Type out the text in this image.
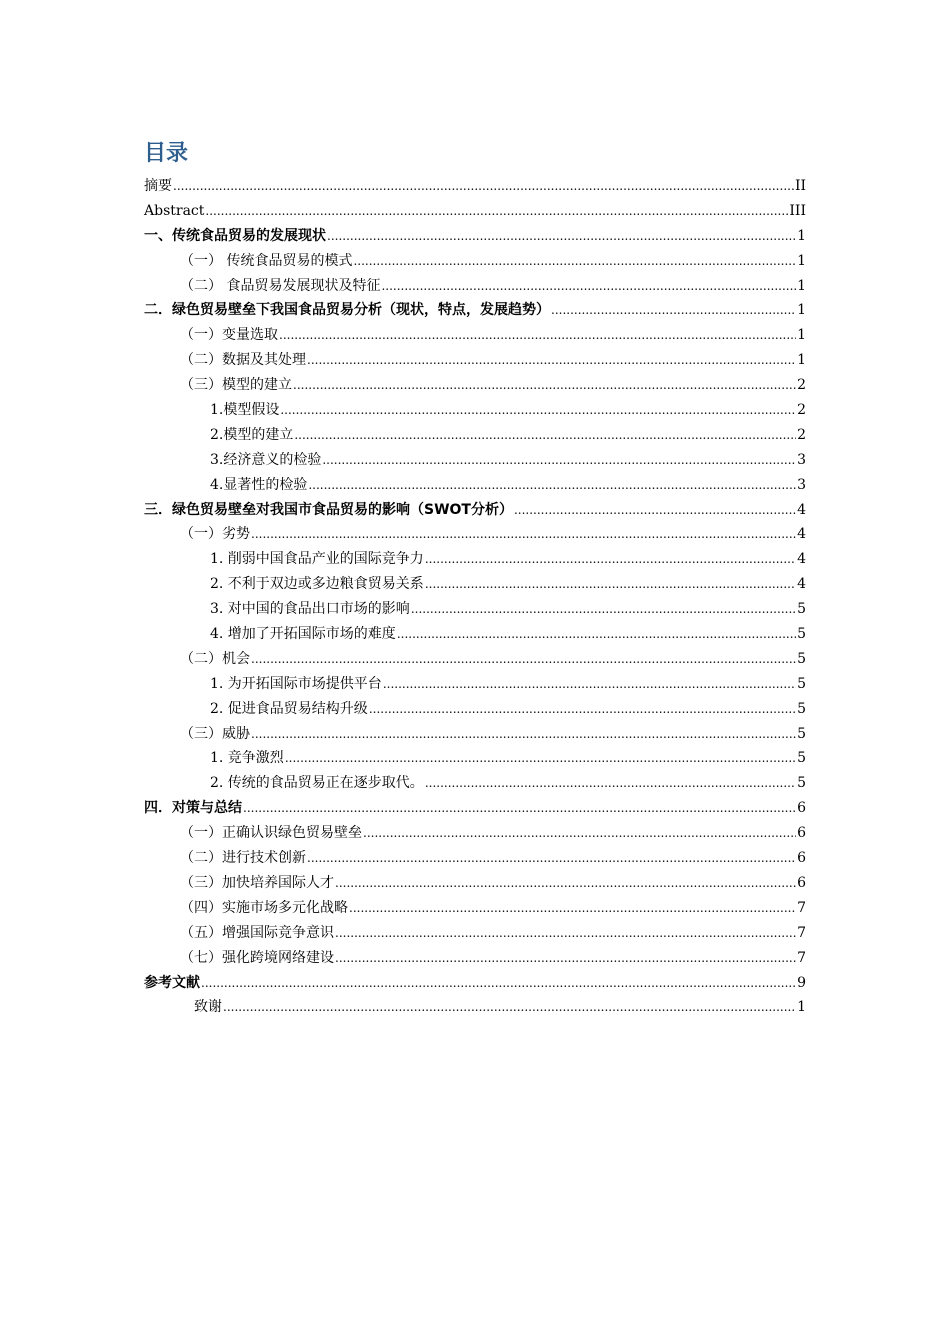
目录
摘要 .....	II
Abstract .....	III
一、传统食品贸易的发展现状 .....	1
（一） 传统食品贸易的模式 .....	1
（二） 食品贸易发展现状及特征 .....	1
二．绿色贸易壁垒下我国食品贸易分析（现状，特点，发展趋势） .....	1
（一）变量选取 .....	1
（二）数据及其处理 .....	1
（三）模型的建立 .....	2
1.模型假设 .....	2
2.模型的建立 .....	2
3.经济意义的检验 .....	3
4.显著性的检验 .....	3
三．绿色贸易壁垒对我国市食品贸易的影响（SWOT分析） .....	4
（一）劣势 .....	4
1. 削弱中国食品产业的国际竞争力 .....	4
2. 不利于双边或多边粮食贸易关系 .....	4
3. 对中国的食品出口市场的影响 .....	5
4. 增加了开拓国际市场的难度 .....	5
（二）机会 .....	5
1. 为开拓国际市场提供平台 .....	5
2. 促进食品贸易结构升级 .....	5
（三）威胁 .....	5
1. 竞争激烈 .....	5
2. 传统的食品贸易正在逐步取代。 .....	5
四．对策与总结 .....	6
（一）正确认识绿色贸易壁垒 .....	6
（二）进行技术创新 .....	6
（三）加快培养国际人才 .....	6
（四）实施市场多元化战略 .....	7
（五）增强国际竞争意识 .....	7
（七）强化跨境网络建设 .....	7
参考文献 .....	9
致谢 .....	1
